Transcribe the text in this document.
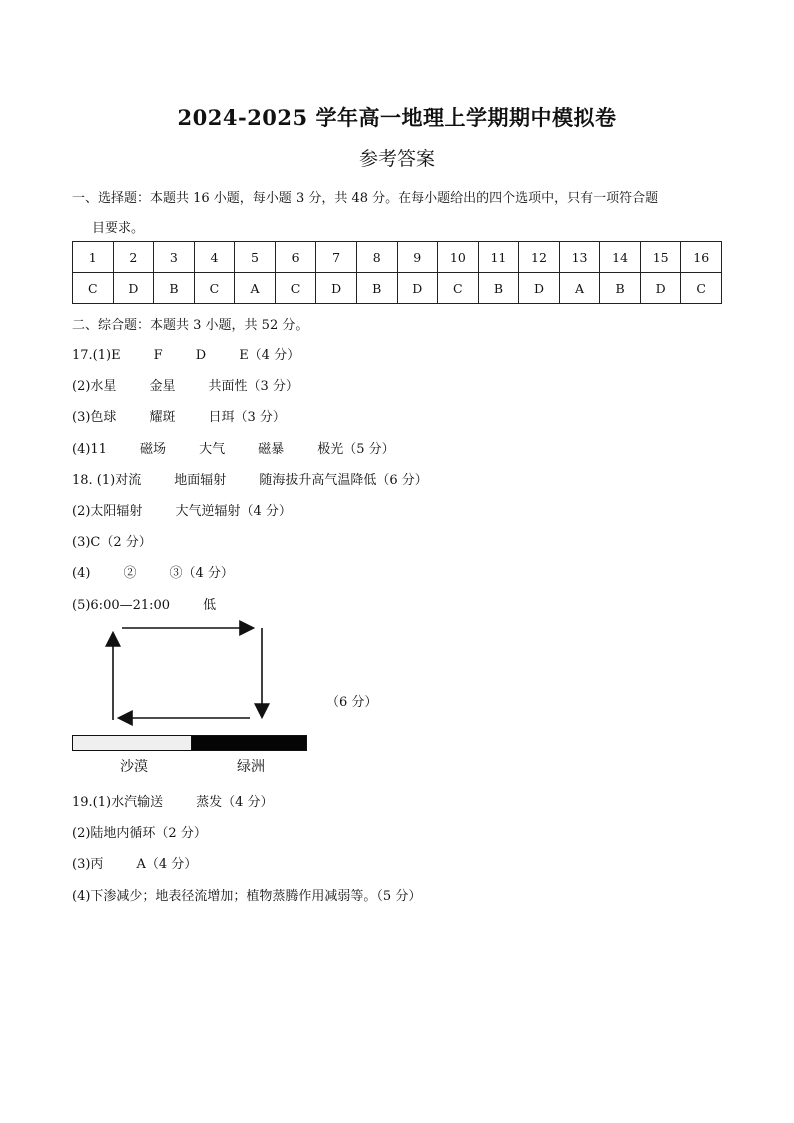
2024-2025 学年高一地理上学期期中模拟卷
参考答案
一、选择题：本题共 16 小题，每小题 3 分，共 48 分。在每小题给出的四个选项中，只有一项符合题
目要求。
1	2	3	4	5	6	7	8	9	10	11	12	13	14	15	16
C	D	B	C	A	C	D	B	D	C	B	D	A	B	D	C
二、综合题：本题共 3 小题，共 52 分。
17.(1)E        F        D        E（4 分）
(2)水星        金星        共面性（3 分）
(3)色球        耀斑        日珥（3 分）
(4)11        磁场        大气        磁暴        极光（5 分）
18. (1)对流        地面辐射        随海拔升高气温降低（6 分）
(2)太阳辐射        大气逆辐射（4 分）
(3)C（2 分）
(4)        ②        ③（4 分）
(5)6:00—21:00        低
（6 分）
沙漠	绿洲
19.(1)水汽输送        蒸发（4 分）
(2)陆地内循环（2 分）
(3)丙        A（4 分）
(4)下渗减少；地表径流增加；植物蒸腾作用减弱等。（5 分）
